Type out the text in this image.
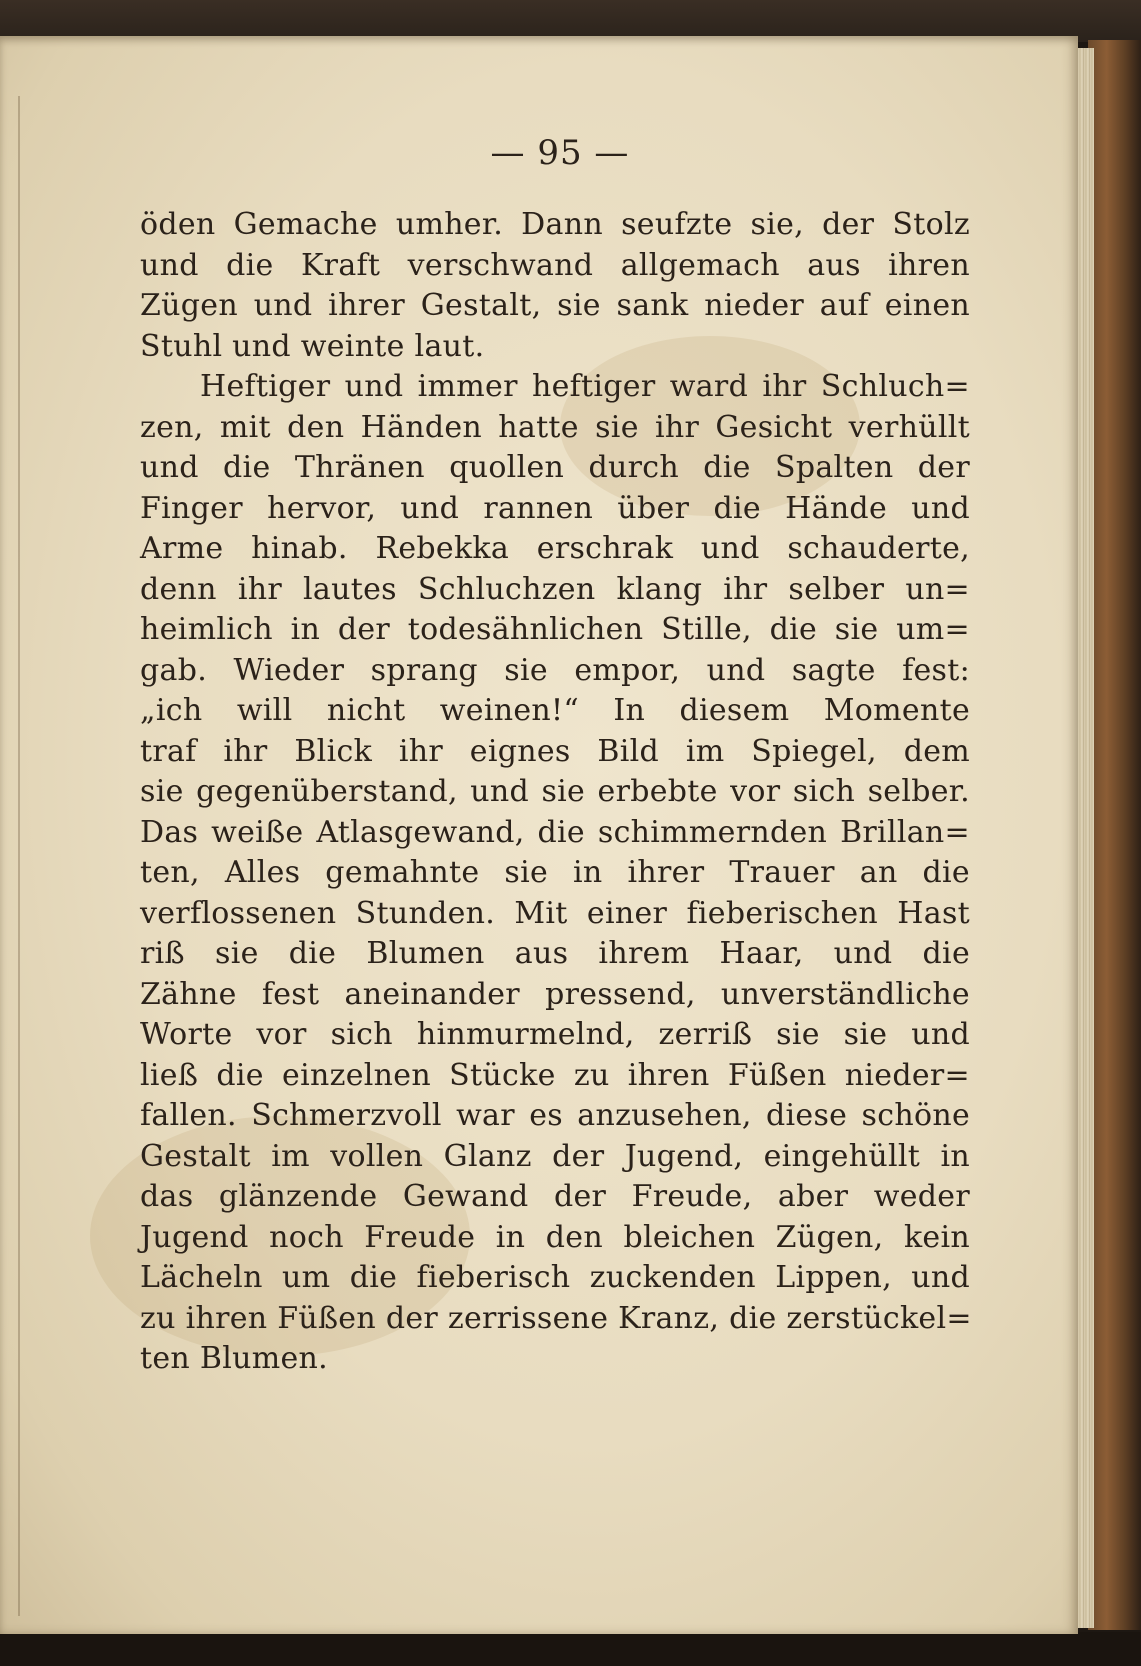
— 95 —
öden Gemache umher. Dann seufzte sie, der Stolz
und die Kraft verschwand allgemach aus ihren
Zügen und ihrer Gestalt, sie sank nieder auf einen
Stuhl und weinte laut.
Heftiger und immer heftiger ward ihr Schluch=
zen, mit den Händen hatte sie ihr Gesicht verhüllt
und die Thränen quollen durch die Spalten der
Finger hervor, und rannen über die Hände und
Arme hinab. Rebekka erschrak und schauderte,
denn ihr lautes Schluchzen klang ihr selber un=
heimlich in der todesähnlichen Stille, die sie um=
gab. Wieder sprang sie empor, und sagte fest:
„ich will nicht weinen!“ In diesem Momente
traf ihr Blick ihr eignes Bild im Spiegel, dem
sie gegenüberstand, und sie erbebte vor sich selber.
Das weiße Atlasgewand, die schimmernden Brillan=
ten, Alles gemahnte sie in ihrer Trauer an die
verflossenen Stunden. Mit einer fieberischen Hast
riß sie die Blumen aus ihrem Haar, und die
Zähne fest aneinander pressend, unverständliche
Worte vor sich hinmurmelnd, zerriß sie sie und
ließ die einzelnen Stücke zu ihren Füßen nieder=
fallen. Schmerzvoll war es anzusehen, diese schöne
Gestalt im vollen Glanz der Jugend, eingehüllt in
das glänzende Gewand der Freude, aber weder
Jugend noch Freude in den bleichen Zügen, kein
Lächeln um die fieberisch zuckenden Lippen, und
zu ihren Füßen der zerrissene Kranz, die zerstückel=
ten Blumen.
